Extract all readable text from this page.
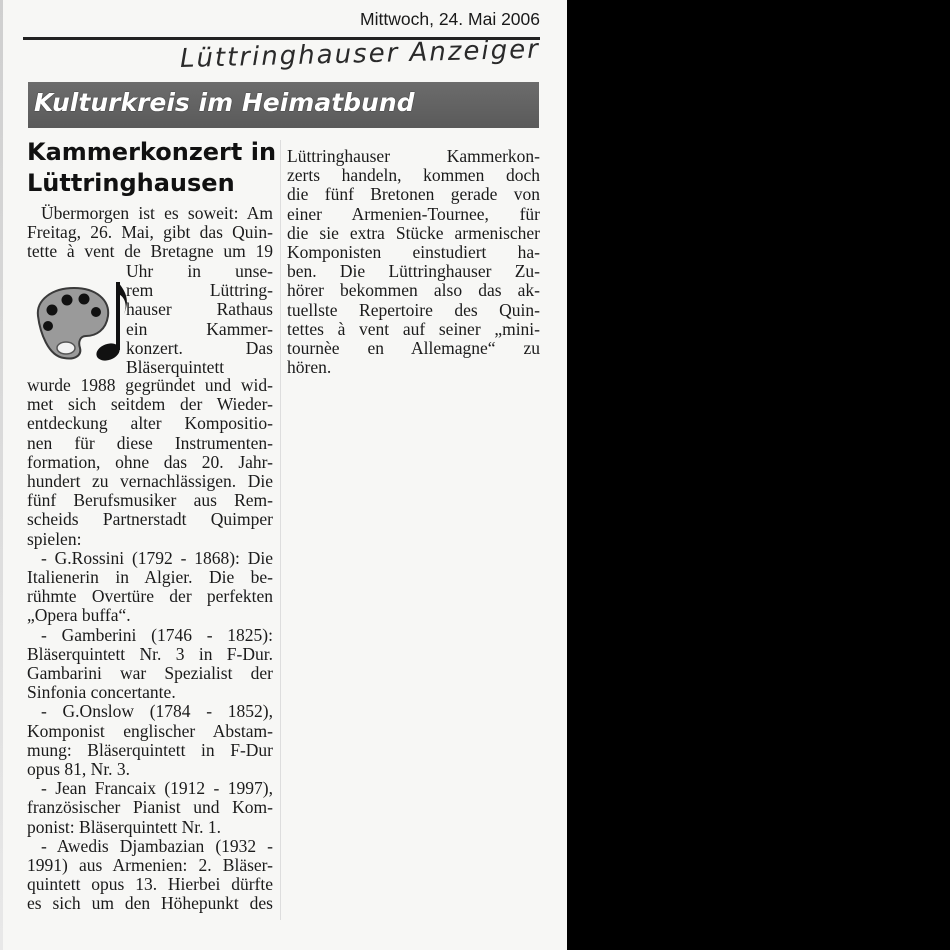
Mittwoch, 24. Mai 2006
Lüttringhauser Anzeiger
Kulturkreis im Heimatbund
Kammerkonzert in
Lüttringhausen
Übermorgen ist es soweit: Am
Freitag, 26. Mai, gibt das Quin-
tette à vent de Bretagne um 19
Uhr in unse-
rem Lüttring-
hauser Rathaus
ein Kammer-
konzert. Das
Bläserquintett
wurde 1988 gegründet und wid-
met sich seitdem der Wieder-
entdeckung alter Kompositio-
nen für diese Instrumenten-
formation, ohne das 20. Jahr-
hundert zu vernachlässigen. Die
fünf Berufsmusiker aus Rem-
scheids Partnerstadt Quimper
spielen:
- G.Rossini (1792 - 1868): Die
Italienerin in Algier. Die be-
rühmte Overtüre der perfekten
„Opera buffa“.
- Gamberini (1746 - 1825):
Bläserquintett Nr. 3 in F-Dur.
Gambarini war Spezialist der
Sinfonia concertante.
- G.Onslow (1784 - 1852),
Komponist englischer Abstam-
mung: Bläserquintett in F-Dur
opus 81, Nr. 3.
- Jean Francaix (1912 - 1997),
französischer Pianist und Kom-
ponist: Bläserquintett Nr. 1.
- Awedis Djambazian (1932 -
1991) aus Armenien: 2. Bläser-
quintett opus 13. Hierbei dürfte
es sich um den Höhepunkt des
Lüttringhauser Kammerkon-
zerts handeln, kommen doch
die fünf Bretonen gerade von
einer Armenien-Tournee, für
die sie extra Stücke armenischer
Komponisten einstudiert ha-
ben. Die Lüttringhauser Zu-
hörer bekommen also das ak-
tuellste Repertoire des Quin-
tettes à vent auf seiner „mini-
tournèe en Allemagne“ zu
hören.
